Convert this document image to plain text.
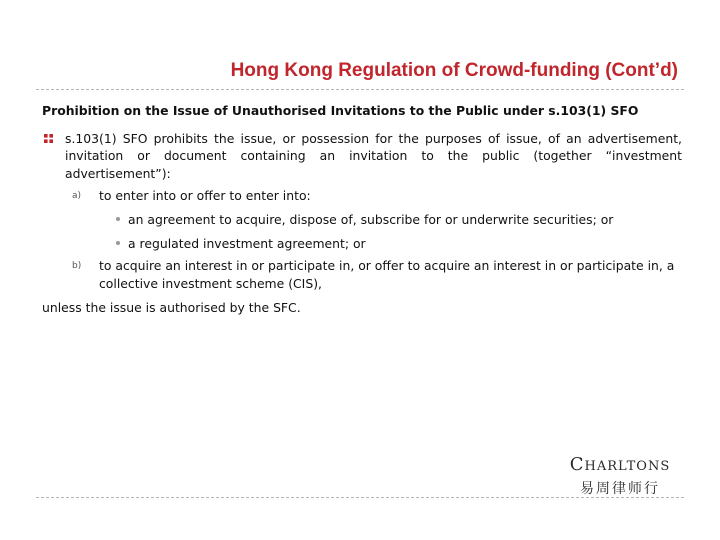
Hong Kong Regulation of Crowd-funding (Cont’d)

Prohibition on the Issue of Unauthorised Invitations to the Public under s.103(1) SFO

s.103(1) SFO prohibits the issue, or possession for the purposes of issue, of an advertisement, invitation or document containing an invitation to the public (together “investment advertisement”):
a) to enter into or offer to enter into:
an agreement to acquire, dispose of, subscribe for or underwrite securities; or
a regulated investment agreement; or
b) to acquire an interest in or participate in, or offer to acquire an interest in or participate in, a collective investment scheme (CIS),

unless the issue is authorised by the SFC.

Charltons
易周律师行
